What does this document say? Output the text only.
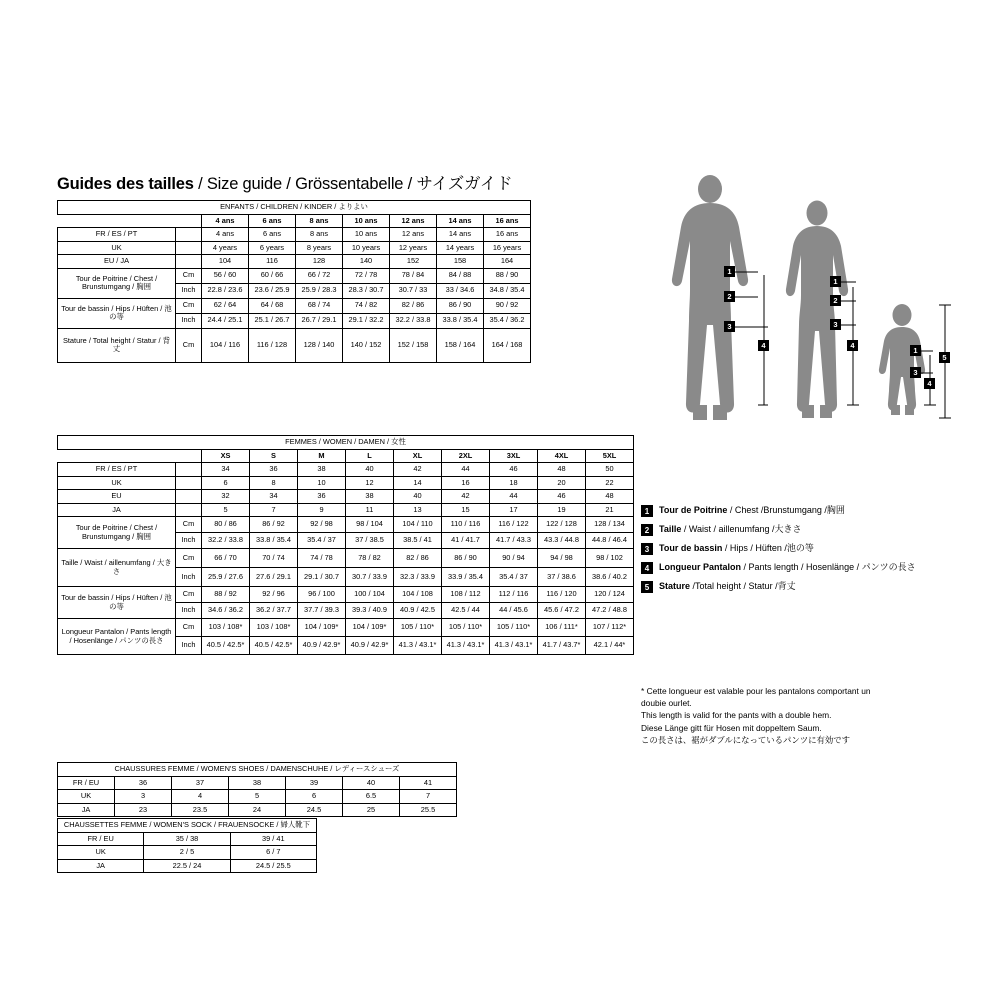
Guides des tailles / Size guide / Grössentabelle / サイズガイド
ENFANTS / CHILDREN / KINDER / よりよい								
		4 ans	6 ans	8 ans	10 ans	12 ans	14 ans	16 ans
FR / ES / PT		4 ans	6 ans	8 ans	10 ans	12 ans	14 ans	16 ans
UK		4 years	6 years	8 years	10 years	12 years	14 years	16 years
EU / JA		104	116	128	140	152	158	164
Tour de Poitrine / Chest / Brunstumgang / 胸囲	Cm	56 / 60	60 / 66	66 / 72	72 / 78	78 / 84	84 / 88	88 / 90
	Inch	22.8 / 23.6	23.6 / 25.9	25.9 / 28.3	28.3 / 30.7	30.7 / 33	33 / 34.6	34.8 / 35.4
Tour de bassin / Hips / Hüften / 池の等	Cm	62 / 64	64 / 68	68 / 74	74 / 82	82 / 86	86 / 90	90 / 92
	Inch	24.4 / 25.1	25.1 / 26.7	26.7 / 29.1	29.1 / 32.2	32.2 / 33.8	33.8 / 35.4	35.4 / 36.2
Stature / Total height / Statur / 背丈	Cm	104 / 116	116 / 128	128 / 140	140 / 152	152 / 158	158 / 164	164 / 168
FEMMES / WOMEN / DAMEN / 女性										
		XS	S	M	L	XL	2XL	3XL	4XL	5XL
FR / ES / PT		34	36	38	40	42	44	46	48	50
UK		6	8	10	12	14	16	18	20	22
EU		32	34	36	38	40	42	44	46	48
JA		5	7	9	11	13	15	17	19	21
Tour de Poitrine / Chest / Brunstumgang / 胸囲	Cm	80 / 86	86 / 92	92 / 98	98 / 104	104 / 110	110 / 116	116 / 122	122 / 128	128 / 134
	Inch	32.2 / 33.8	33.8 / 35.4	35.4 / 37	37 / 38.5	38.5 / 41	41 / 41.7	41.7 / 43.3	43.3 / 44.8	44.8 / 46.4
Taille / Waist / aillenumfang / 大きさ	Cm	66 / 70	70 / 74	74 / 78	78 / 82	82 / 86	86 / 90	90 / 94	94 / 98	98 / 102
	Inch	25.9 / 27.6	27.6 / 29.1	29.1 / 30.7	30.7 / 33.9	32.3 / 33.9	33.9 / 35.4	35.4 / 37	37 / 38.6	38.6 / 40.2
Tour de bassin / Hips / Hüften / 池の等	Cm	88 / 92	92 / 96	96 / 100	100 / 104	104 / 108	108 / 112	112 / 116	116 / 120	120 / 124
	Inch	34.6 / 36.2	36.2 / 37.7	37.7 / 39.3	39.3 / 40.9	40.9 / 42.5	42.5 / 44	44 / 45.6	45.6 / 47.2	47.2 / 48.8
Longueur Pantalon / Pants length / Hosenlänge / パンツの長さ	Cm	103 / 108*	103 / 108*	104 / 109*	104 / 109*	105 / 110*	105 / 110*	105 / 110*	106 / 111*	107 / 112*
	Inch	40.5 / 42.5*	40.5 / 42.5*	40.9 / 42.9*	40.9 / 42.9*	41.3 / 43.1*	41.3 / 43.1*	41.3 / 43.1*	41.7 / 43.7*	42.1 / 44*
CHAUSSURES FEMME / WOMEN'S SHOES / DAMENSCHUHE / レディースシューズ						
FR / EU	36	37	38	39	40	41
UK	3	4	5	6	6.5	7
JA	23	23.5	24	24.5	25	25.5
CHAUSSETTES FEMME / WOMEN'S SOCK / FRAUENSOCKE / 婦人靴下		
FR / EU	35 / 38	39 / 41
UK	2 / 5	6 / 7
JA	22.5 / 24	24.5 / 25.5
1
2
3
4
1
2
3
4
1
3
4
5
1	Tour de Poitrine / Chest /Brunstumgang /胸囲
2	Taille / Waist / aillenumfang /大きさ
3	Tour de bassin / Hips / Hüften /池の等
4	Longueur Pantalon / Pants length / Hosenlänge / パンツの長さ
5	Stature /Total height / Statur /背丈
* Cette longueur est valable pour les pantalons comportant un
doubie ourlet.
This length is valid for the pants with a double hem.
Diese Länge gitt für Hosen mit doppeltem Saum.
この長さは、裾がダブルになっているパンツに有効です
